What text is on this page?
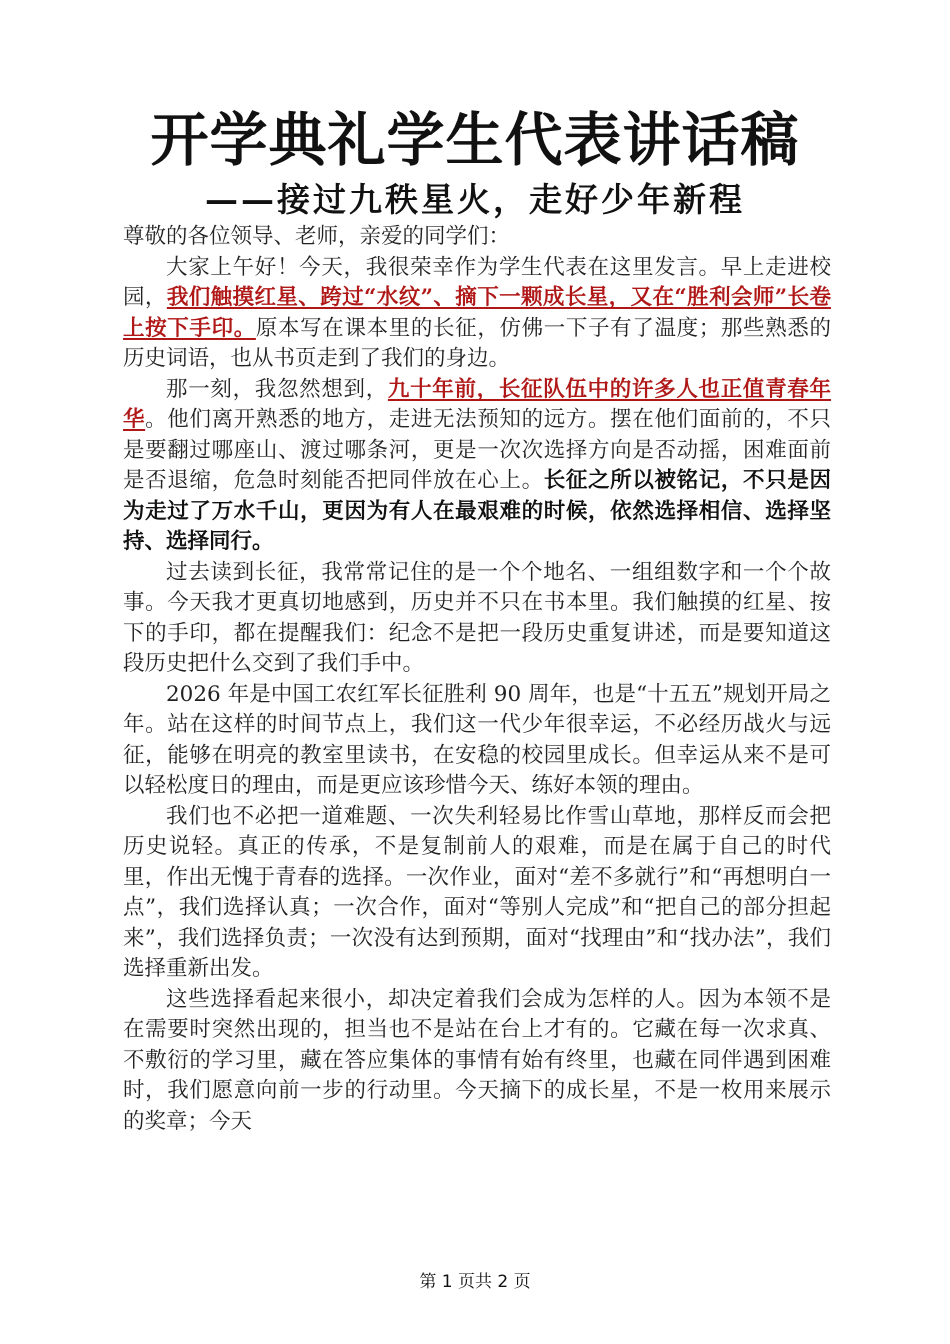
开学典礼学生代表讲话稿
——接过九秩星火，走好少年新程

尊敬的各位领导、老师，亲爱的同学们：

大家上午好！今天，我很荣幸作为学生代表在这里发言。早上走进校园，我们触摸红星、跨过“水纹”、摘下一颗成长星，又在“胜利会师”长卷上按下手印。原本写在课本里的长征，仿佛一下子有了温度；那些熟悉的历史词语，也从书页走到了我们的身边。

那一刻，我忽然想到，九十年前，长征队伍中的许多人也正值青春年华。他们离开熟悉的地方，走进无法预知的远方。摆在他们面前的，不只是要翻过哪座山、渡过哪条河，更是一次次选择方向是否动摇，困难面前是否退缩，危急时刻能否把同伴放在心上。长征之所以被铭记，不只是因为走过了万水千山，更因为有人在最艰难的时候，依然选择相信、选择坚持、选择同行。

过去读到长征，我常常记住的是一个个地名、一组组数字和一个个故事。今天我才更真切地感到，历史并不只在书本里。我们触摸的红星、按下的手印，都在提醒我们：纪念不是把一段历史重复讲述，而是要知道这段历史把什么交到了我们手中。

2026 年是中国工农红军长征胜利 90 周年，也是“十五五”规划开局之年。站在这样的时间节点上，我们这一代少年很幸运，不必经历战火与远征，能够在明亮的教室里读书，在安稳的校园里成长。但幸运从来不是可以轻松度日的理由，而是更应该珍惜今天、练好本领的理由。

我们也不必把一道难题、一次失利轻易比作雪山草地，那样反而会把历史说轻。真正的传承，不是复制前人的艰难，而是在属于自己的时代里，作出无愧于青春的选择。一次作业，面对“差不多就行”和“再想明白一点”，我们选择认真；一次合作，面对“等别人完成”和“把自己的部分担起来”，我们选择负责；一次没有达到预期，面对“找理由”和“找办法”，我们选择重新出发。

这些选择看起来很小，却决定着我们会成为怎样的人。因为本领不是在需要时突然出现的，担当也不是站在台上才有的。它藏在每一次求真、不敷衍的学习里，藏在答应集体的事情有始有终里，也藏在同伴遇到困难时，我们愿意向前一步的行动里。今天摘下的成长星，不是一枚用来展示的奖章；今天

第 1 页共 2 页
